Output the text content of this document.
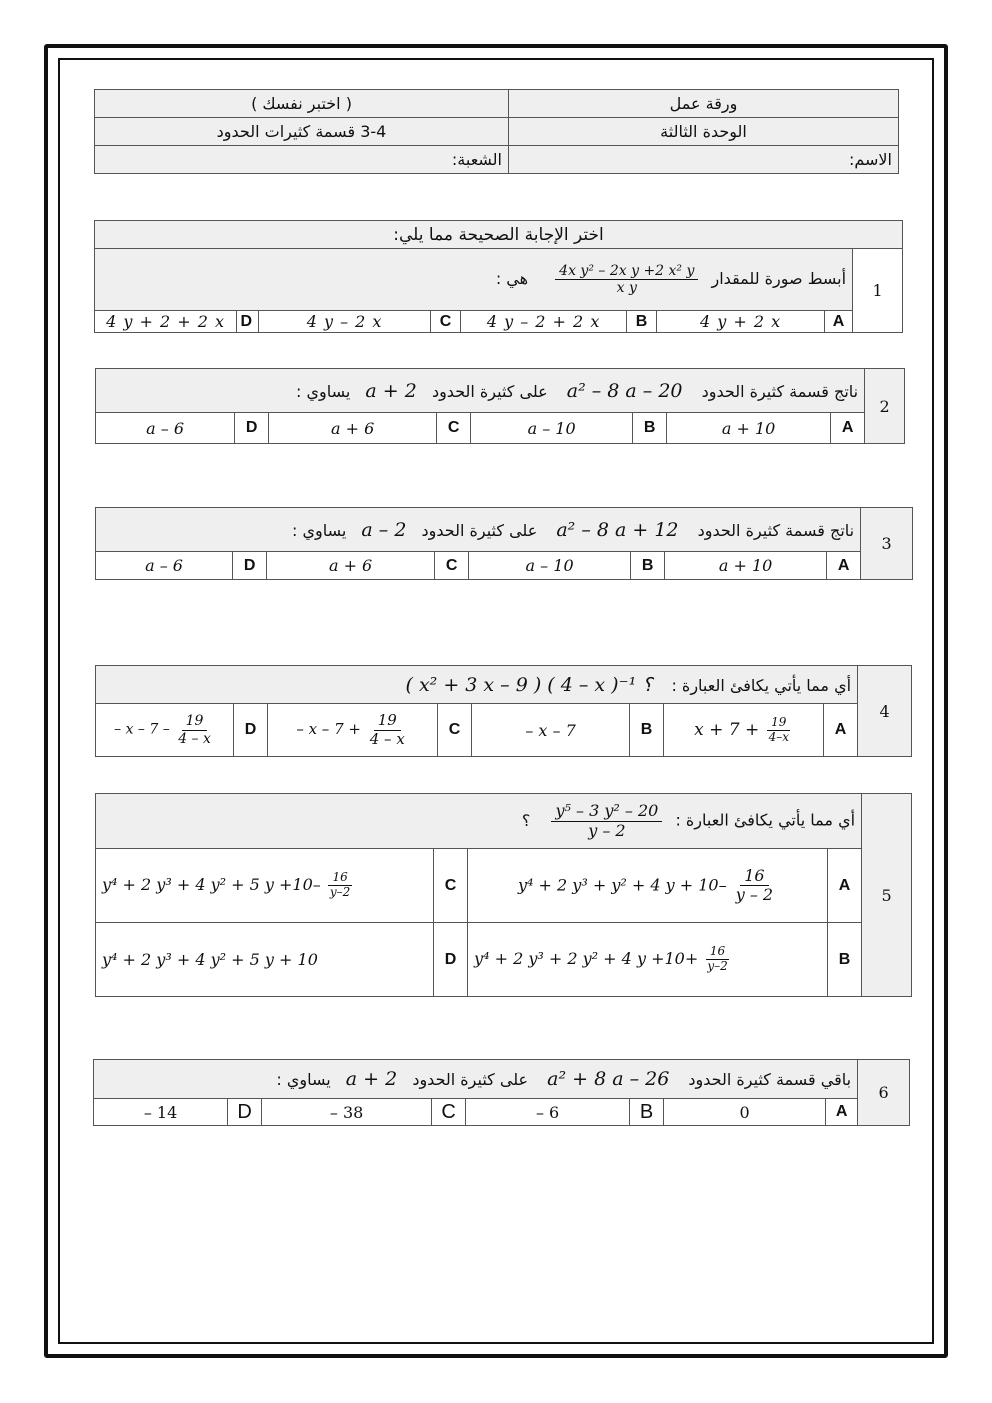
ورقة عمل	( اختبر نفسك )
الوحدة الثالثة	3-4 قسمة كثيرات الحدود
الاسم:	الشعبة:
اختر الإجابة الصحيحة مما يلي:								
1	أبسط صورة للمقدار
$\frac{\text{4x y² – 2x y +2 x² y}}{\text{x y}}$
هي :							
	A	4 y + 2 x	B	4 y – 2 + 2 x	C	4 y – 2 x	D	4 y + 2 + 2 x
2	ناتج قسمة كثيرة الحدود a² – 8 a – 20 على كثيرة الحدود a + 2 يساوي :							
	A	a + 10	B	a – 10	C	a + 6	D	a – 6
3	ناتج قسمة كثيرة الحدود a² – 8 a + 12 على كثيرة الحدود a – 2 يساوي :							
	A	a + 10	B	a – 10	C	a + 6	D	a – 6
4	أي مما يأتي يكافئ العبارة : ( x² + 3 x – 9 ) ( 4 – x )⁻¹ ؟							
	A	$x + 7 + \frac{19}{4-x}$	B	– x – 7	C	– $x - 7 + \frac{19}{4 - x}$	D	– x – $7 - \frac{19}{4 - x}$
5	أي مما يأتي يكافئ العبارة :
$\frac{\text{y⁵ – 3 y² – 20}}{y - 2}$
؟			
	A	y⁴ + 2 y³ + y² + 4 $y + 10- \frac{16}{y - 2}$	C	y⁴ + 2 y³ + 4 y² + 5 $y +10- \frac{16}{y-2}$

	B	y⁴ + 2 y³ + 2 y² + 4 $y +10+ \frac{16}{y-2}$	D	y⁴ + 2 y³ + 4 y² + 5 y + 10
6	باقي قسمة كثيرة الحدود a² + 8 a – 26 على كثيرة الحدود a + 2 يساوي :							
	A	0	B	– 6	C	– 38	D	– 14
